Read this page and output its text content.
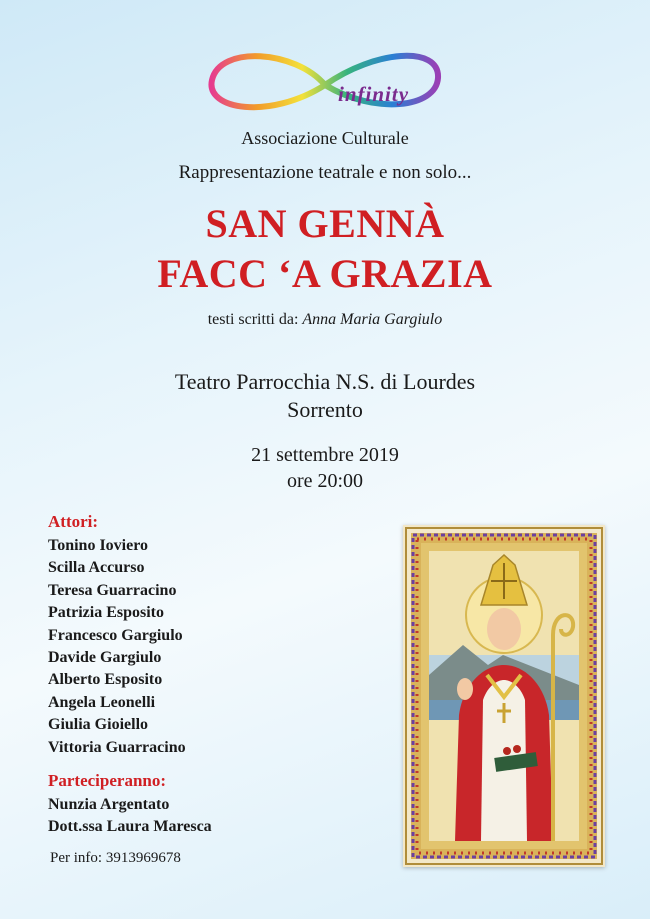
infinity
Associazione Culturale
Rappresentazione teatrale e non solo...
SAN GENNÀ
FACC ‘A GRAZIA
testi scritti da: Anna Maria Gargiulo
Teatro Parrocchia N.S. di Lourdes
Sorrento
21 settembre 2019
ore 20:00
Attori:
Tonino Ioviero
Scilla Accurso
Teresa Guarracino
Patrizia Esposito
Francesco Gargiulo
Davide Gargiulo
Alberto Esposito
Angela Leonelli
Giulia Gioiello
Vittoria Guarracino
Parteciperanno:
Nunzia Argentato
Dott.ssa Laura Maresca
Per info: 3913969678
